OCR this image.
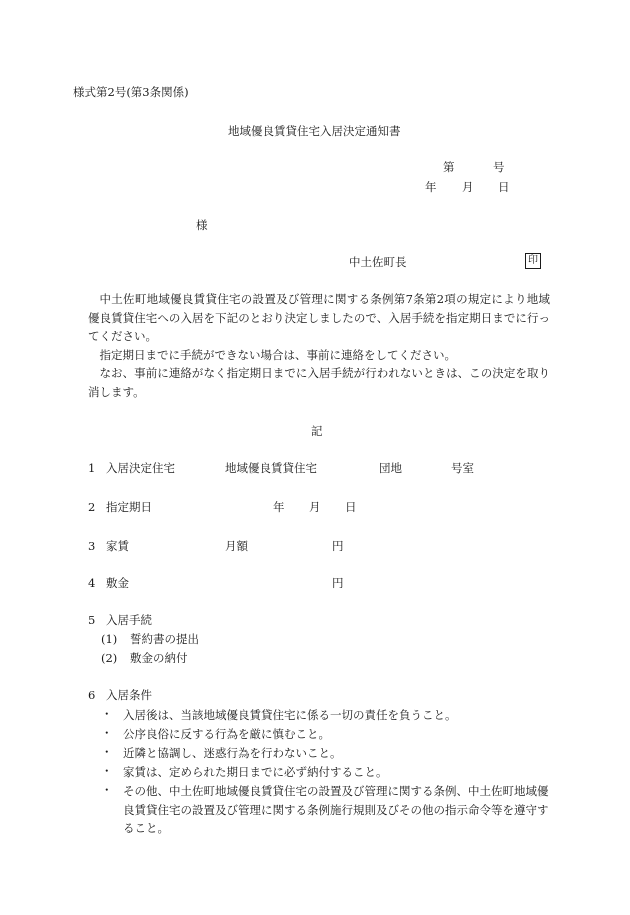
様式第2号(第3条関係)
地域優良賃貸住宅入居決定通知書
第	号
年 月 日
様
中土佐町長	印
中土佐町地域優良賃貸住宅の設置及び管理に関する条例第7条第2項の規定により地域優良賃貸住宅への入居を下記のとおり決定しましたので、入居手続を指定期日までに行ってください。
指定期日までに手続ができない場合は、事前に連絡をしてください。
なお、事前に連絡がなく指定期日までに入居手続が行われないときは、この決定を取り消します。
記
1 入居決定住宅	地域優良賃貸住宅	団地	号室
2 指定期日	年 月 日
3 家賃	月額	円
4 敷金	円
5 入居手続
(1) 誓約書の提出
(2) 敷金の納付
6 入居条件
・ 入居後は、当該地域優良賃貸住宅に係る一切の責任を負うこと。
・ 公序良俗に反する行為を厳に慎むこと。
・ 近隣と協調し、迷惑行為を行わないこと。
・ 家賃は、定められた期日までに必ず納付すること。
・ その他、中土佐町地域優良賃貸住宅の設置及び管理に関する条例、中土佐町地域優良賃貸住宅の設置及び管理に関する条例施行規則及びその他の指示命令等を遵守すること。
